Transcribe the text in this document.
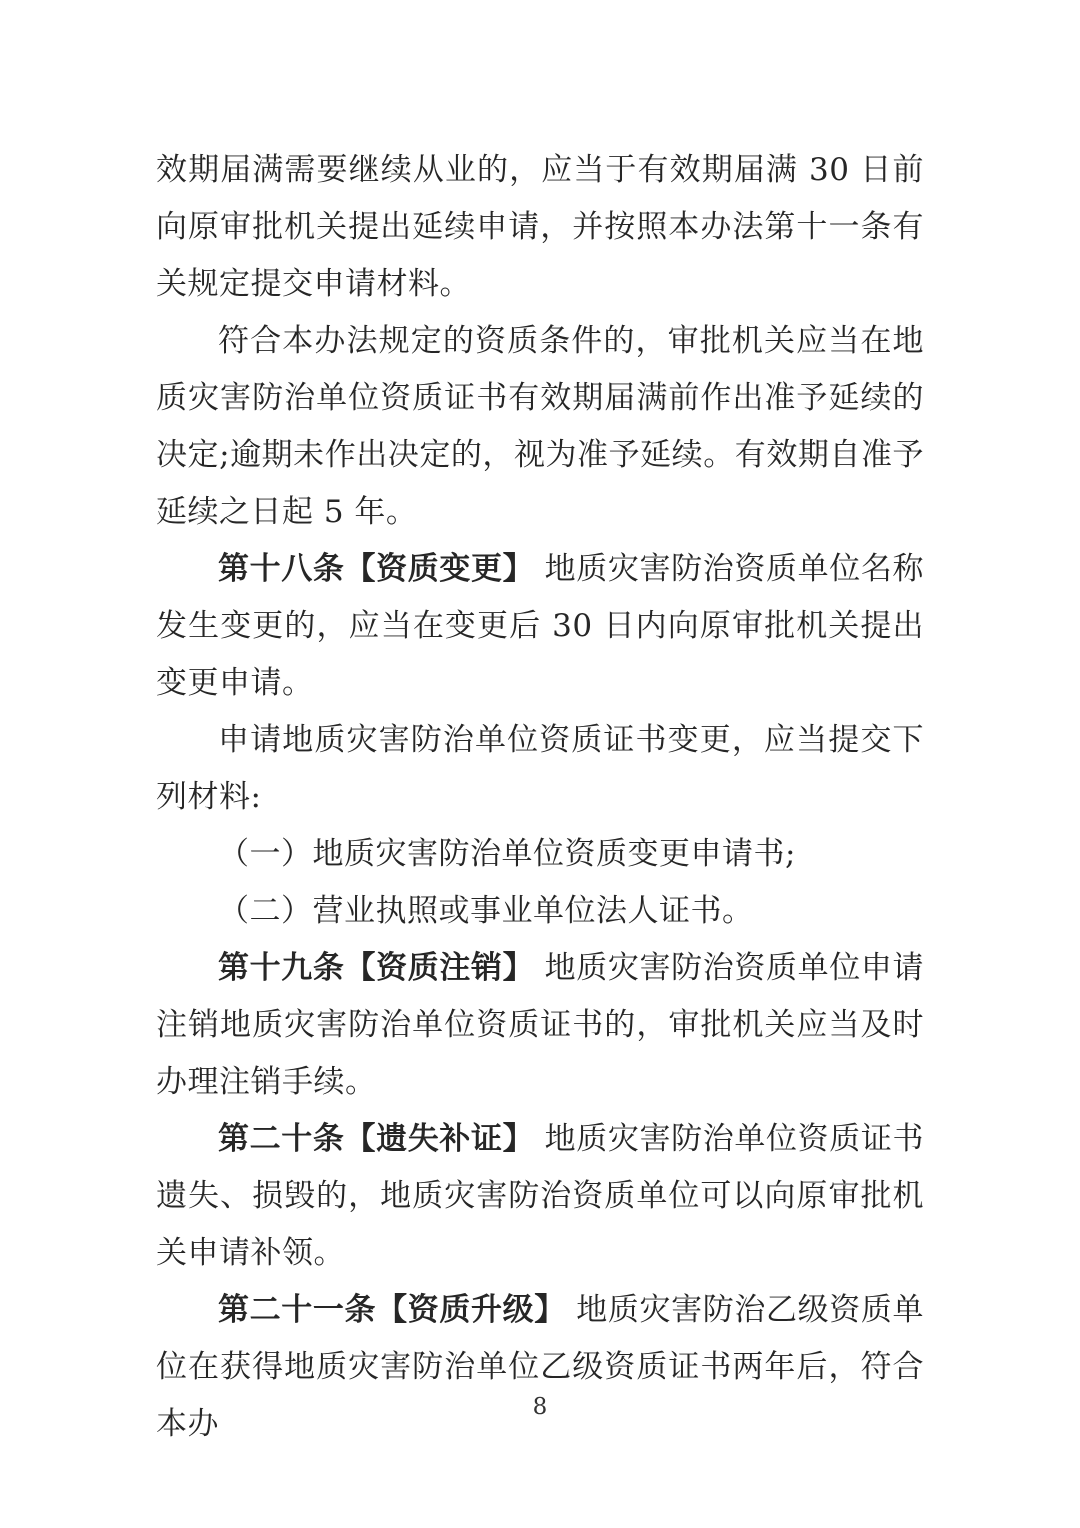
效期届满需要继续从业的，应当于有效期届满 30 日前向原审批机关提出延续申请，并按照本办法第十一条有关规定提交申请材料。

符合本办法规定的资质条件的，审批机关应当在地质灾害防治单位资质证书有效期届满前作出准予延续的决定;逾期未作出决定的，视为准予延续。有效期自准予延续之日起 5 年。

第十八条【资质变更】 地质灾害防治资质单位名称发生变更的，应当在变更后 30 日内向原审批机关提出变更申请。

申请地质灾害防治单位资质证书变更，应当提交下列材料:

（一）地质灾害防治单位资质变更申请书;

（二）营业执照或事业单位法人证书。

第十九条【资质注销】 地质灾害防治资质单位申请注销地质灾害防治单位资质证书的，审批机关应当及时办理注销手续。

第二十条【遗失补证】 地质灾害防治单位资质证书遗失、损毁的，地质灾害防治资质单位可以向原审批机关申请补领。

第二十一条【资质升级】 地质灾害防治乙级资质单位在获得地质灾害防治单位乙级资质证书两年后，符合本办	8
